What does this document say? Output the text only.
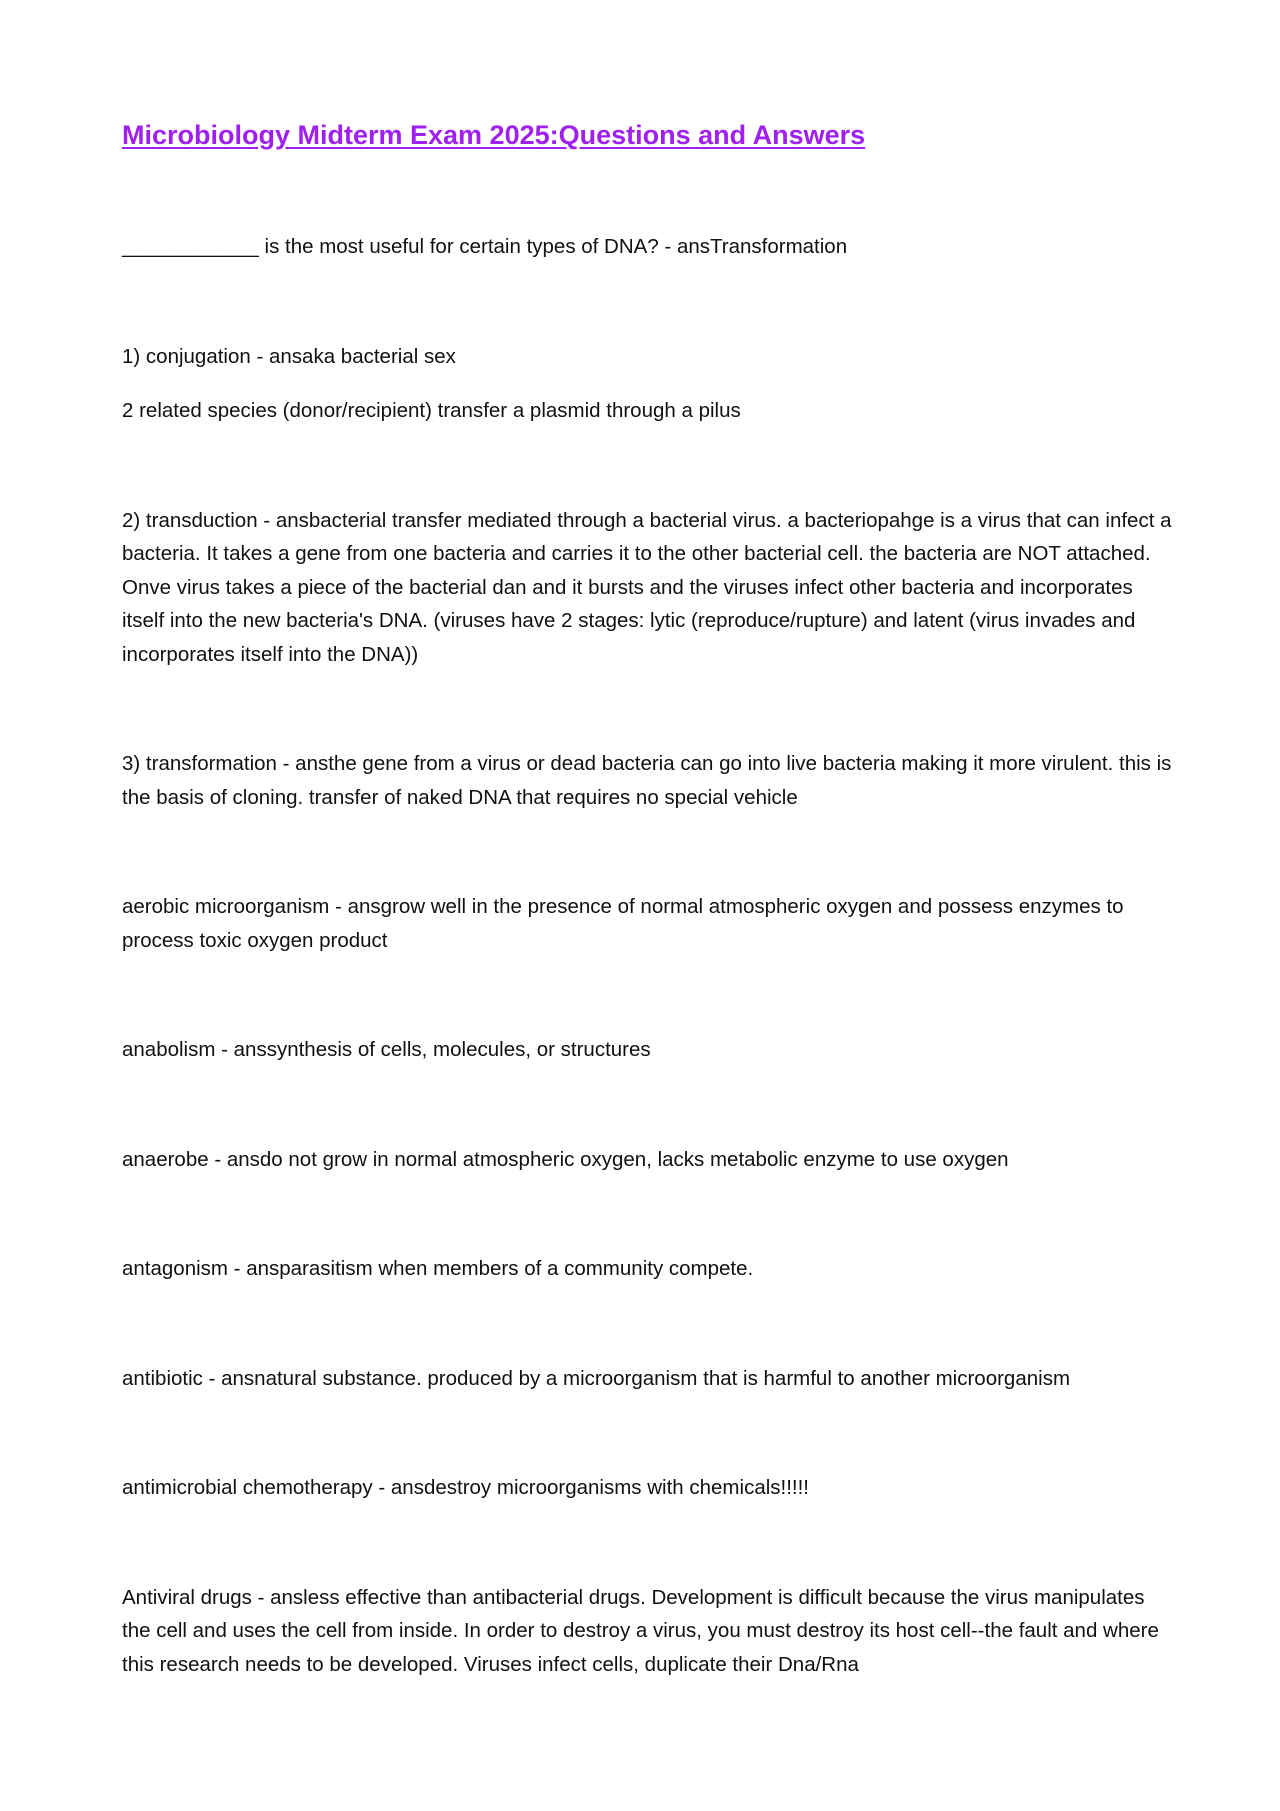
Microbiology Midterm Exam 2025:Questions and Answers

____________ is the most useful for certain types of DNA? - ansTransformation

1) conjugation - ansaka bacterial sex

2 related species (donor/recipient) transfer a plasmid through a pilus

2) transduction - ansbacterial transfer mediated through a bacterial virus. a bacteriopahge is a virus that can infect a bacteria. It takes a gene from one bacteria and carries it to the other bacterial cell. the bacteria are NOT attached. Onve virus takes a piece of the bacterial dan and it bursts and the viruses infect other bacteria and incorporates itself into the new bacteria's DNA. (viruses have 2 stages: lytic (reproduce/rupture) and latent (virus invades and incorporates itself into the DNA))

3) transformation - ansthe gene from a virus or dead bacteria can go into live bacteria making it more virulent. this is the basis of cloning. transfer of naked DNA that requires no special vehicle

aerobic microorganism - ansgrow well in the presence of normal atmospheric oxygen and possess enzymes to process toxic oxygen product

anabolism - anssynthesis of cells, molecules, or structures

anaerobe - ansdo not grow in normal atmospheric oxygen, lacks metabolic enzyme to use oxygen

antagonism - ansparasitism when members of a community compete.

antibiotic - ansnatural substance. produced by a microorganism that is harmful to another microorganism

antimicrobial chemotherapy - ansdestroy microorganisms with chemicals!!!!!

Antiviral drugs - ansless effective than antibacterial drugs. Development is difficult because the virus manipulates the cell and uses the cell from inside. In order to destroy a virus, you must destroy its host cell--the fault and where this research needs to be developed. Viruses infect cells, duplicate their Dna/Rna
